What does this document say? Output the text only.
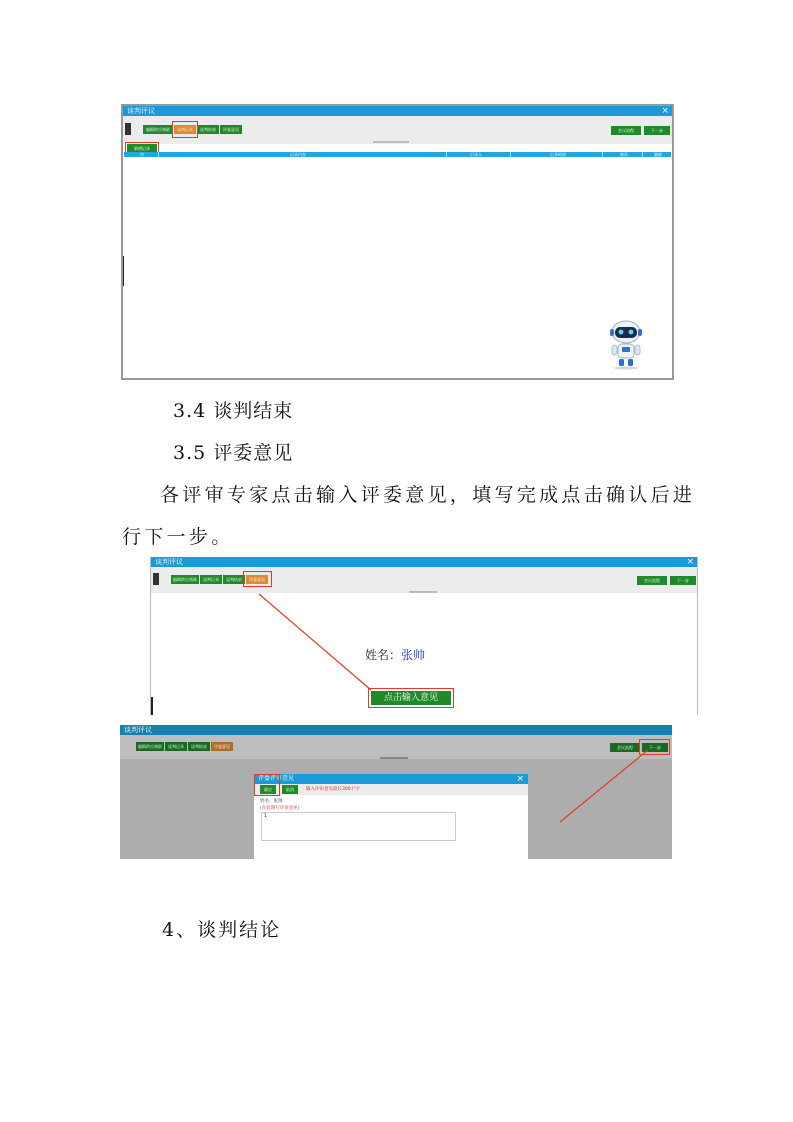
谈判评议	×
编辑供应商联	谈判记录	谈判结束	评委意见	会议流程	下一步
新增记录
序	记录内容	记录人	记录时间	修改	删除
3.4 谈判结束
3.5 评委意见
各评审专家点击输入评委意见，填写完成点击确认后进
行下一步。
谈判评议	×
编辑供应商联	谈判记录	谈判结束	评委意见	会议流程	下一步
姓名：张帅
点击输入意见
谈判评议
编辑供应商联	谈判记录	谈判结束	评委意见	会议流程	下一步
评委评审意见	×
确定	取消	输入评审意见最长300个字
姓名：张帅
(在此填写评审意见)
1
4、谈判结论
